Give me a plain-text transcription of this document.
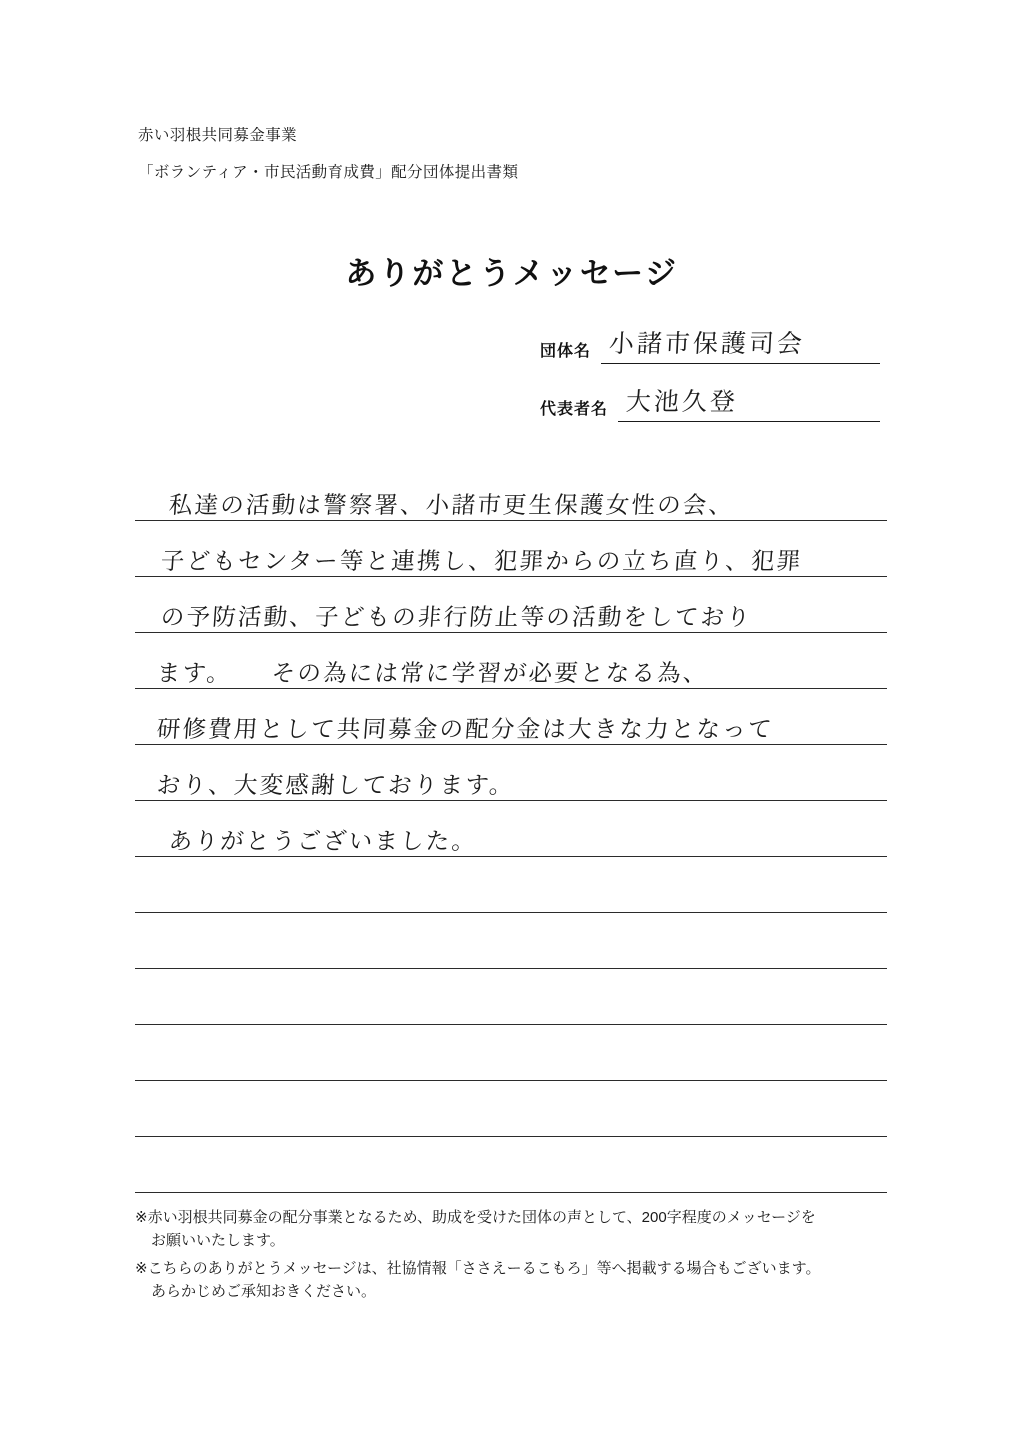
赤い羽根共同募金事業
「ボランティア・市民活動育成費」配分団体提出書類
ありがとうメッセージ
団体名 小諸市保護司会
代表者名 大池久登
私達の活動は警察署、小諸市更生保護女性の会、
子どもセンター等と連携し、犯罪からの立ち直り、犯罪
の予防活動、子どもの非行防止等の活動をしており
ます。　　その為には常に学習が必要となる為、
研修費用として共同募金の配分金は大きな力となって
おり、大変感謝しております。
ありがとうございました。
※赤い羽根共同募金の配分事業となるため、助成を受けた団体の声として、200字程度のメッセージを
お願いいたします。
※こちらのありがとうメッセージは、社協情報「ささえーるこもろ」等へ掲載する場合もございます。
あらかじめご承知おきください。
